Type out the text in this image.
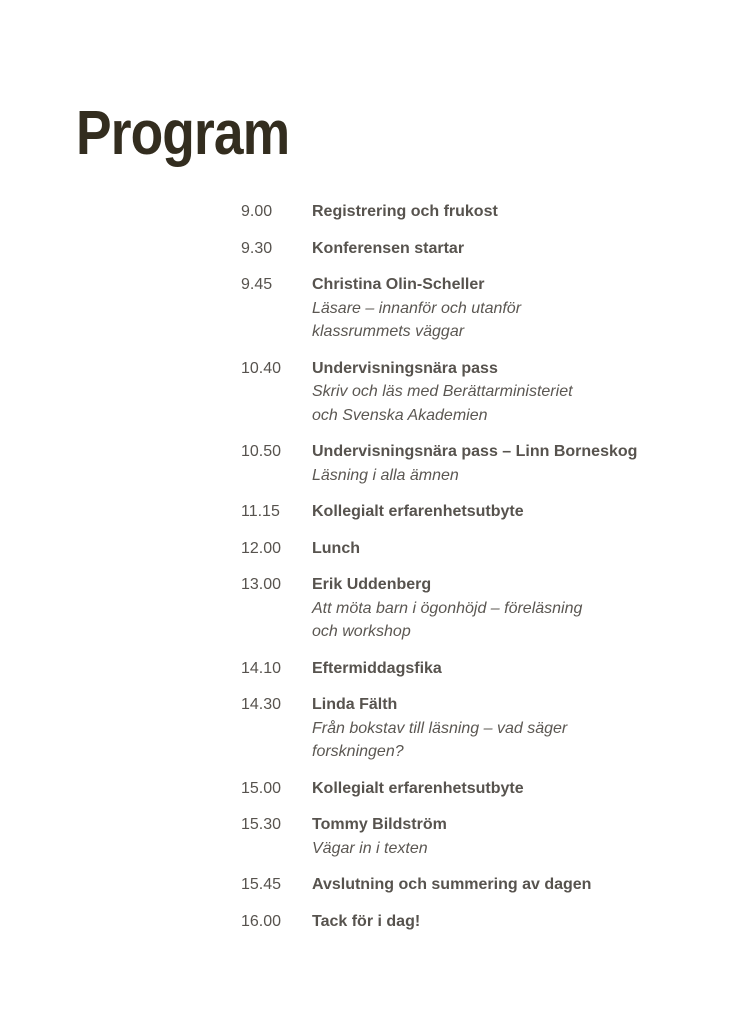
Program
9.00	Registrering och frukost
9.30	Konferensen startar
9.45	Christina Olin-Scheller
Läsare – innanför och utanför
klassrummets väggar
10.40	Undervisningsnära pass
Skriv och läs med Berättarministeriet
och Svenska Akademien
10.50	Undervisningsnära pass – Linn Borneskog
Läsning i alla ämnen
11.15	Kollegialt erfarenhetsutbyte
12.00	Lunch
13.00	Erik Uddenberg
Att möta barn i ögonhöjd – föreläsning
och workshop
14.10	Eftermiddagsfika
14.30	Linda Fälth
Från bokstav till läsning – vad säger
forskningen?
15.00	Kollegialt erfarenhetsutbyte
15.30	Tommy Bildström
Vägar in i texten
15.45	Avslutning och summering av dagen
16.00	Tack för i dag!
